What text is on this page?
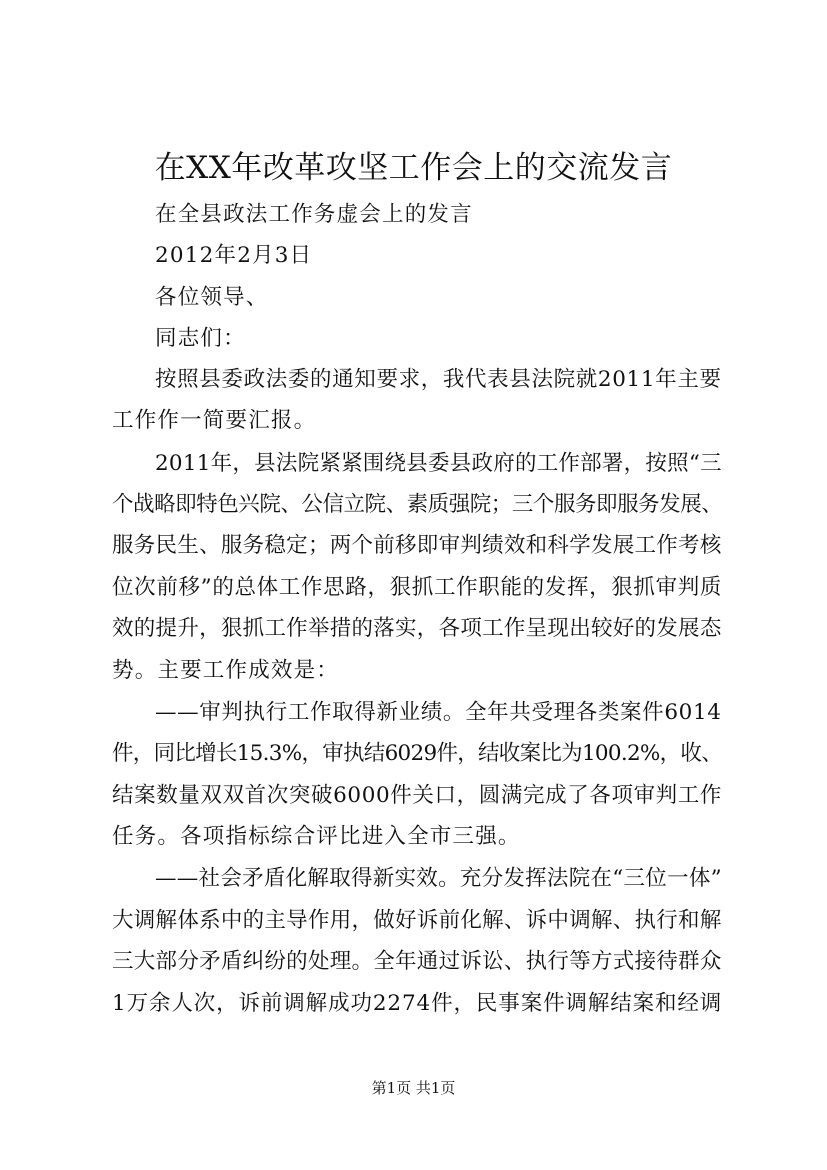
在XX年改革攻坚工作会上的交流发言
在全县政法工作务虚会上的发言
2012年2月3日
各位领导、
同志们：
按照县委政法委的通知要求，我代表县法院就2011年主要
工作作一简要汇报。
2011年，县法院紧紧围绕县委县政府的工作部署，按照“三
个战略即特色兴院、公信立院、素质强院；三个服务即服务发展、
服务民生、服务稳定；两个前移即审判绩效和科学发展工作考核
位次前移”的总体工作思路，狠抓工作职能的发挥，狠抓审判质
效的提升，狠抓工作举措的落实，各项工作呈现出较好的发展态
势。主要工作成效是：
——审判执行工作取得新业绩。全年共受理各类案件6014
件，同比增长15.3%，审执结6029件，结收案比为100.2%，收、
结案数量双双首次突破6000件关口，圆满完成了各项审判工作
任务。各项指标综合评比进入全市三强。
——社会矛盾化解取得新实效。充分发挥法院在“三位一体”
大调解体系中的主导作用，做好诉前化解、诉中调解、执行和解
三大部分矛盾纠纷的处理。全年通过诉讼、执行等方式接待群众
1万余人次，诉前调解成功2274件，民事案件调解结案和经调
第1页 共1页
